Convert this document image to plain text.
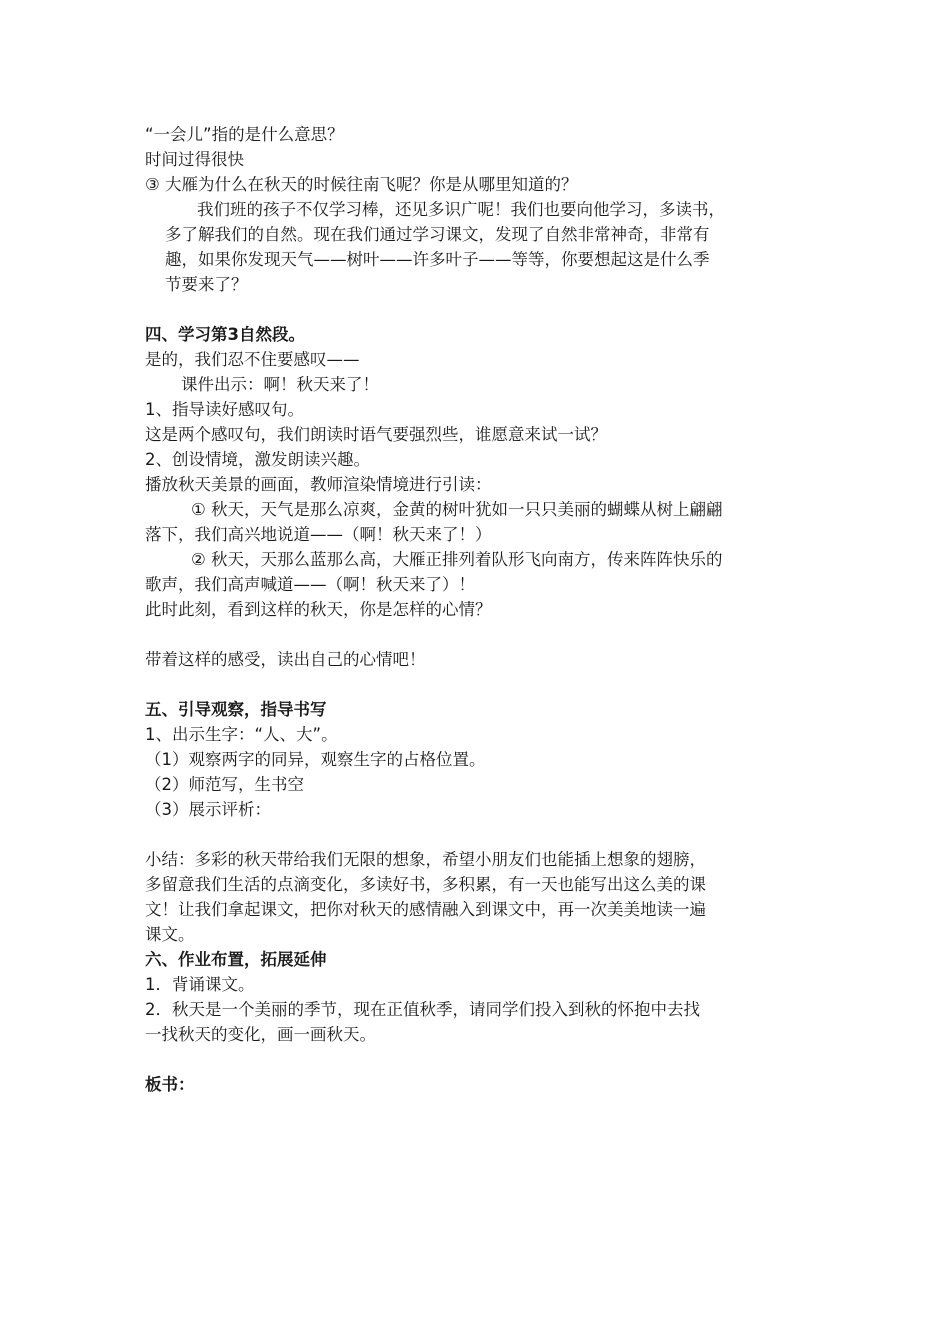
“一会儿”指的是什么意思？
时间过得很快
③ 大雁为什么在秋天的时候往南飞呢？你是从哪里知道的？
我们班的孩子不仅学习棒，还见多识广呢！我们也要向他学习，多读书，
多了解我们的自然。现在我们通过学习课文，发现了自然非常神奇，非常有
趣，如果你发现天气——树叶——许多叶子——等等，你要想起这是什么季
节要来了？
四、学习第3自然段。
是的，我们忍不住要感叹——
课件出示：啊！秋天来了！
1、指导读好感叹句。
这是两个感叹句，我们朗读时语气要强烈些，谁愿意来试一试？
2、创设情境，激发朗读兴趣。
播放秋天美景的画面，教师渲染情境进行引读：
① 秋天，天气是那么凉爽，金黄的树叶犹如一只只美丽的蝴蝶从树上翩翩
落下，我们高兴地说道——（啊！秋天来了！）
② 秋天，天那么蓝那么高，大雁正排列着队形飞向南方，传来阵阵快乐的
歌声，我们高声喊道——（啊！秋天来了）！
此时此刻，看到这样的秋天，你是怎样的心情？
带着这样的感受，读出自己的心情吧！
五、引导观察，指导书写
1、出示生字：“人、大”。
（1）观察两字的同异，观察生字的占格位置。
（2）师范写，生书空
（3）展示评析：
小结：多彩的秋天带给我们无限的想象，希望小朋友们也能插上想象的翅膀，
多留意我们生活的点滴变化，多读好书，多积累，有一天也能写出这么美的课
文！让我们拿起课文，把你对秋天的感情融入到课文中，再一次美美地读一遍
课文。
六、作业布置，拓展延伸
1．背诵课文。
2．秋天是一个美丽的季节，现在正值秋季，请同学们投入到秋的怀抱中去找
一找秋天的变化，画一画秋天。
板书：
